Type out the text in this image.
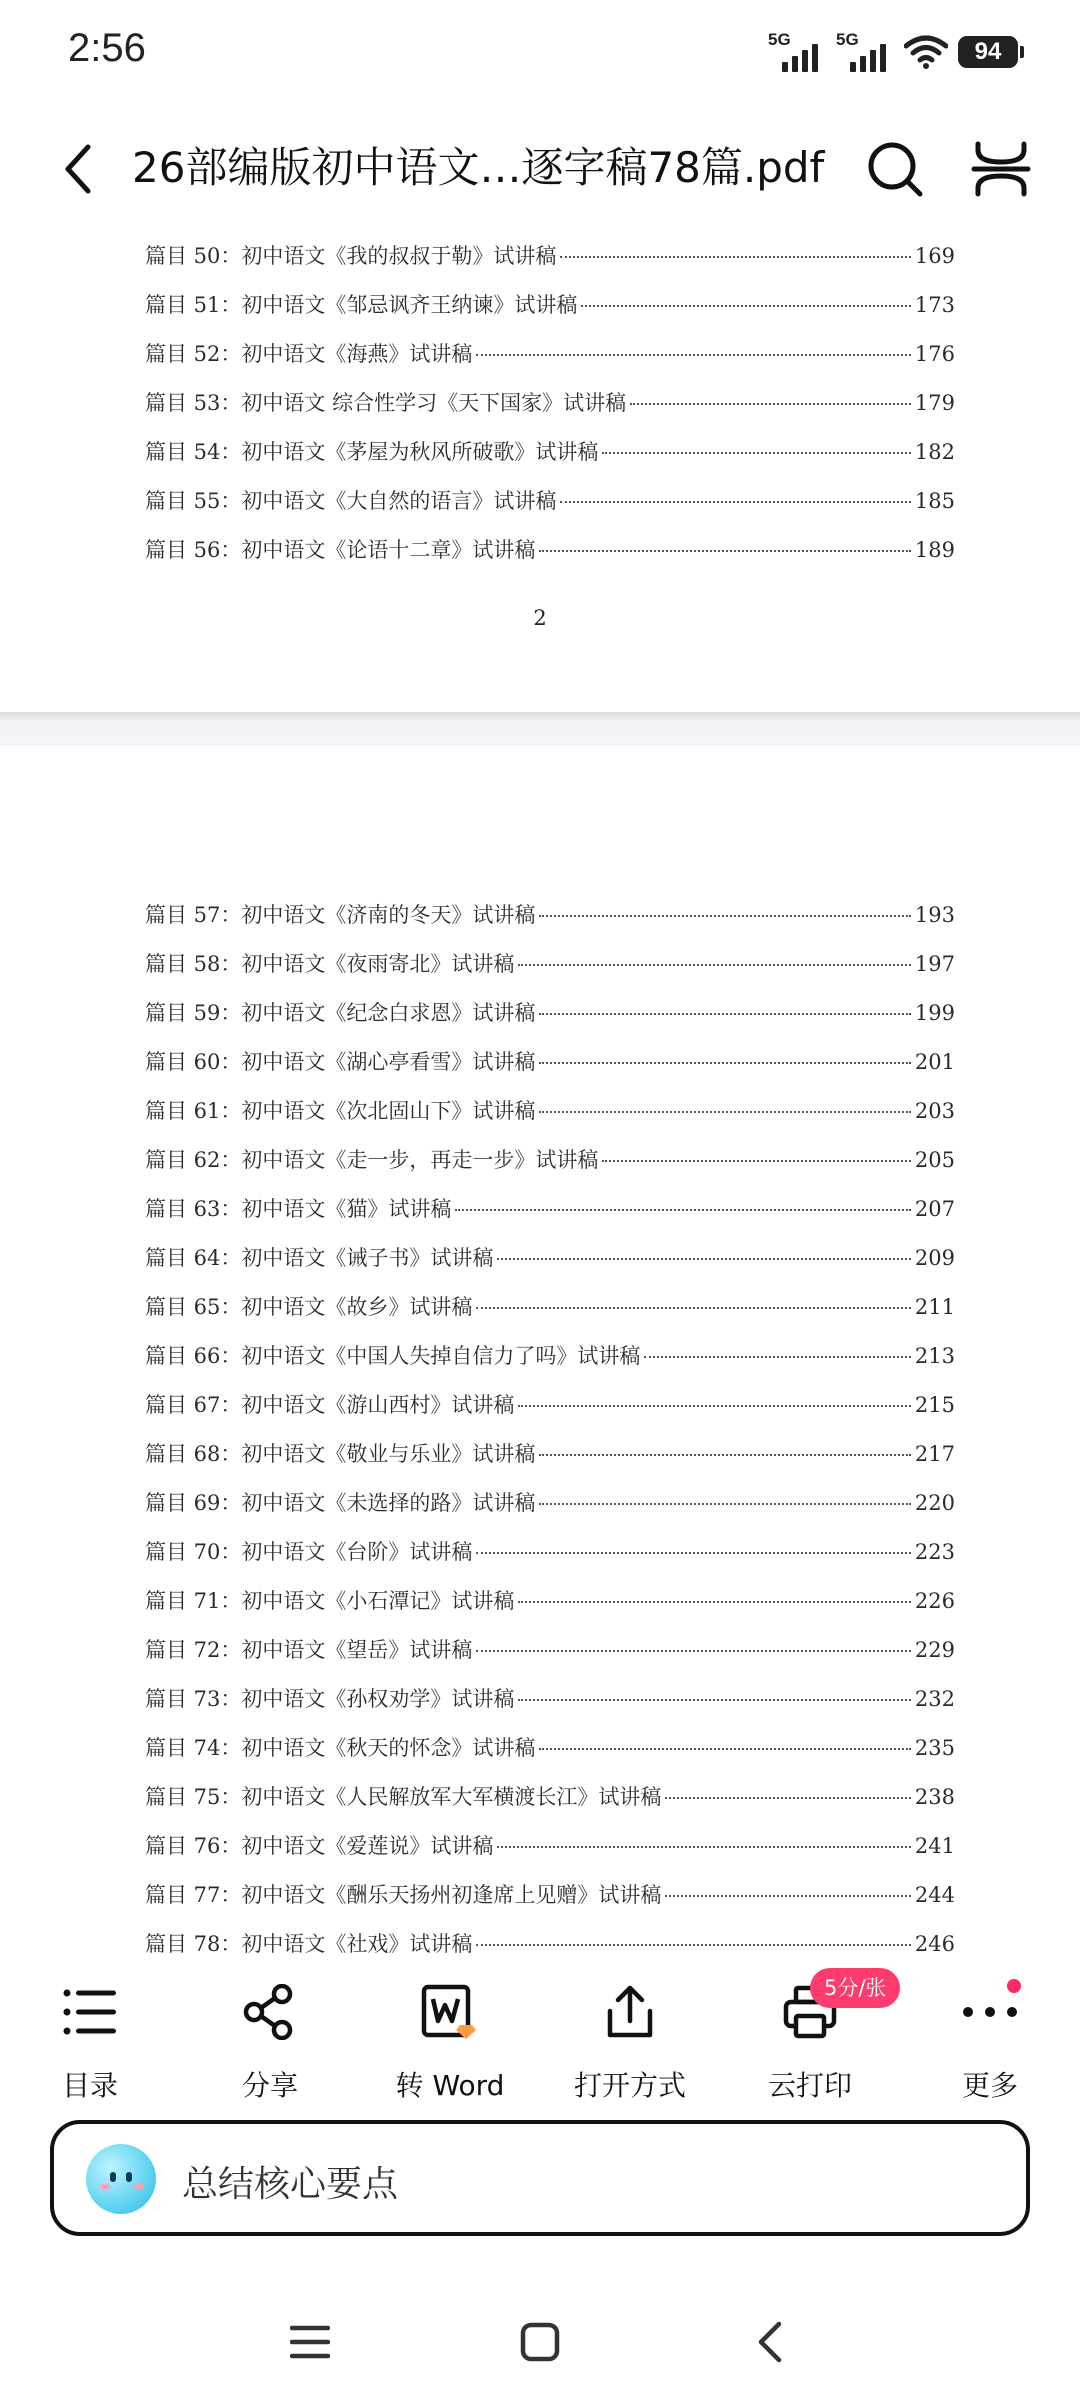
2:56	5G	5G	94
26部编版初中语文…逐字稿78篇.pdf
篇目 50：初中语文《我的叔叔于勒》试讲稿	169
篇目 51：初中语文《邹忌讽齐王纳谏》试讲稿	173
篇目 52：初中语文《海燕》试讲稿	176
篇目 53：初中语文 综合性学习《天下国家》试讲稿	179
篇目 54：初中语文《茅屋为秋风所破歌》试讲稿	182
篇目 55：初中语文《大自然的语言》试讲稿	185
篇目 56：初中语文《论语十二章》试讲稿	189
2
篇目 57：初中语文《济南的冬天》试讲稿	193
篇目 58：初中语文《夜雨寄北》试讲稿	197
篇目 59：初中语文《纪念白求恩》试讲稿	199
篇目 60：初中语文《湖心亭看雪》试讲稿	201
篇目 61：初中语文《次北固山下》试讲稿	203
篇目 62：初中语文《走一步，再走一步》试讲稿	205
篇目 63：初中语文《猫》试讲稿	207
篇目 64：初中语文《诫子书》试讲稿	209
篇目 65：初中语文《故乡》试讲稿	211
篇目 66：初中语文《中国人失掉自信力了吗》试讲稿	213
篇目 67：初中语文《游山西村》试讲稿	215
篇目 68：初中语文《敬业与乐业》试讲稿	217
篇目 69：初中语文《未选择的路》试讲稿	220
篇目 70：初中语文《台阶》试讲稿	223
篇目 71：初中语文《小石潭记》试讲稿	226
篇目 72：初中语文《望岳》试讲稿	229
篇目 73：初中语文《孙权劝学》试讲稿	232
篇目 74：初中语文《秋天的怀念》试讲稿	235
篇目 75：初中语文《人民解放军大军横渡长江》试讲稿	238
篇目 76：初中语文《爱莲说》试讲稿	241
篇目 77：初中语文《酬乐天扬州初逢席上见赠》试讲稿	244
篇目 78：初中语文《社戏》试讲稿	246
目录	分享	转 Word	打开方式	云打印	更多
5分/张
总结核心要点
